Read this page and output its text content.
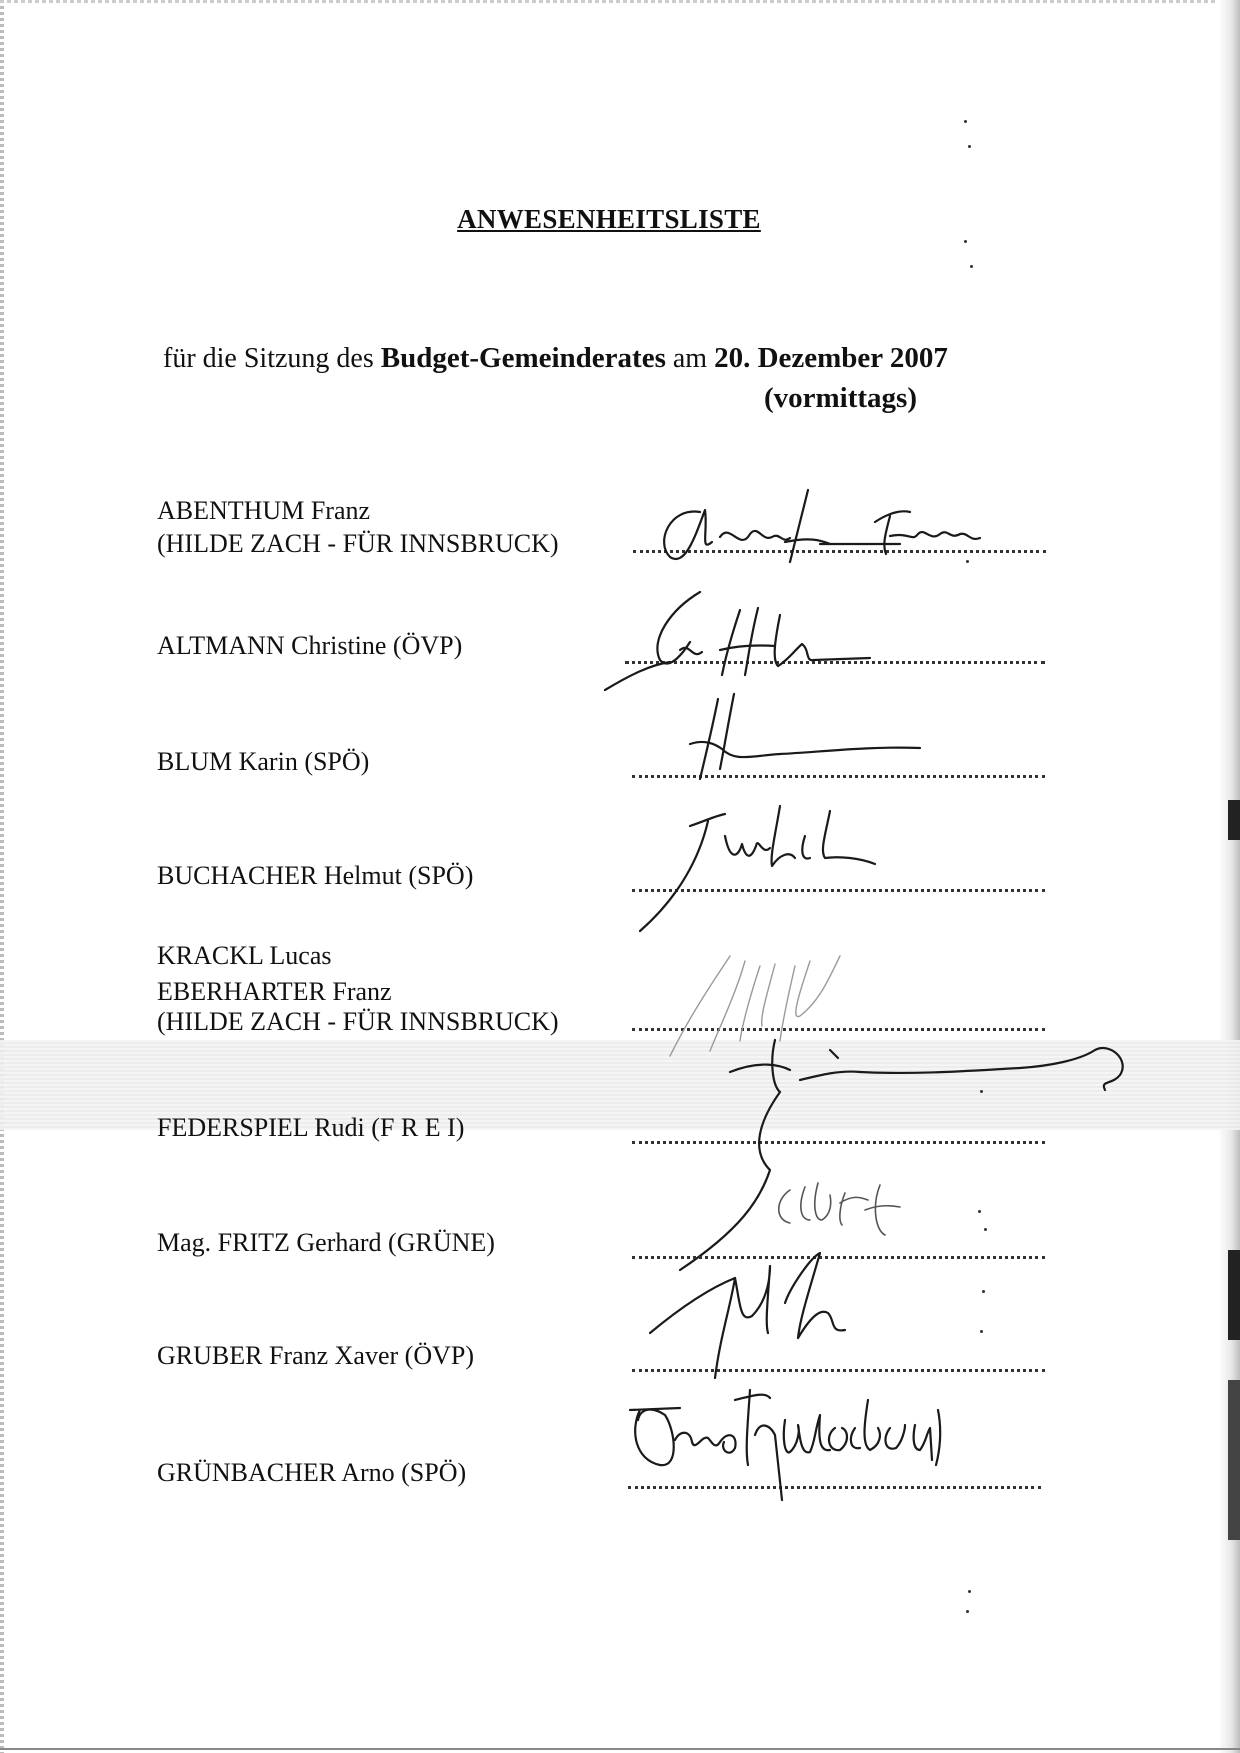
ANWESENHEITSLISTE
für die Sitzung des Budget-Gemeinderates am 20. Dezember 2007
(vormittags)
ABENTHUM Franz
(HILDE ZACH - FÜR INNSBRUCK)
ALTMANN Christine (ÖVP)
BLUM Karin (SPÖ)
BUCHACHER Helmut (SPÖ)
KRACKL Lucas
EBERHARTER Franz
(HILDE ZACH - FÜR INNSBRUCK)
FEDERSPIEL Rudi (F R E I)
Mag. FRITZ Gerhard (GRÜNE)
GRUBER Franz Xaver (ÖVP)
GRÜNBACHER Arno (SPÖ)
